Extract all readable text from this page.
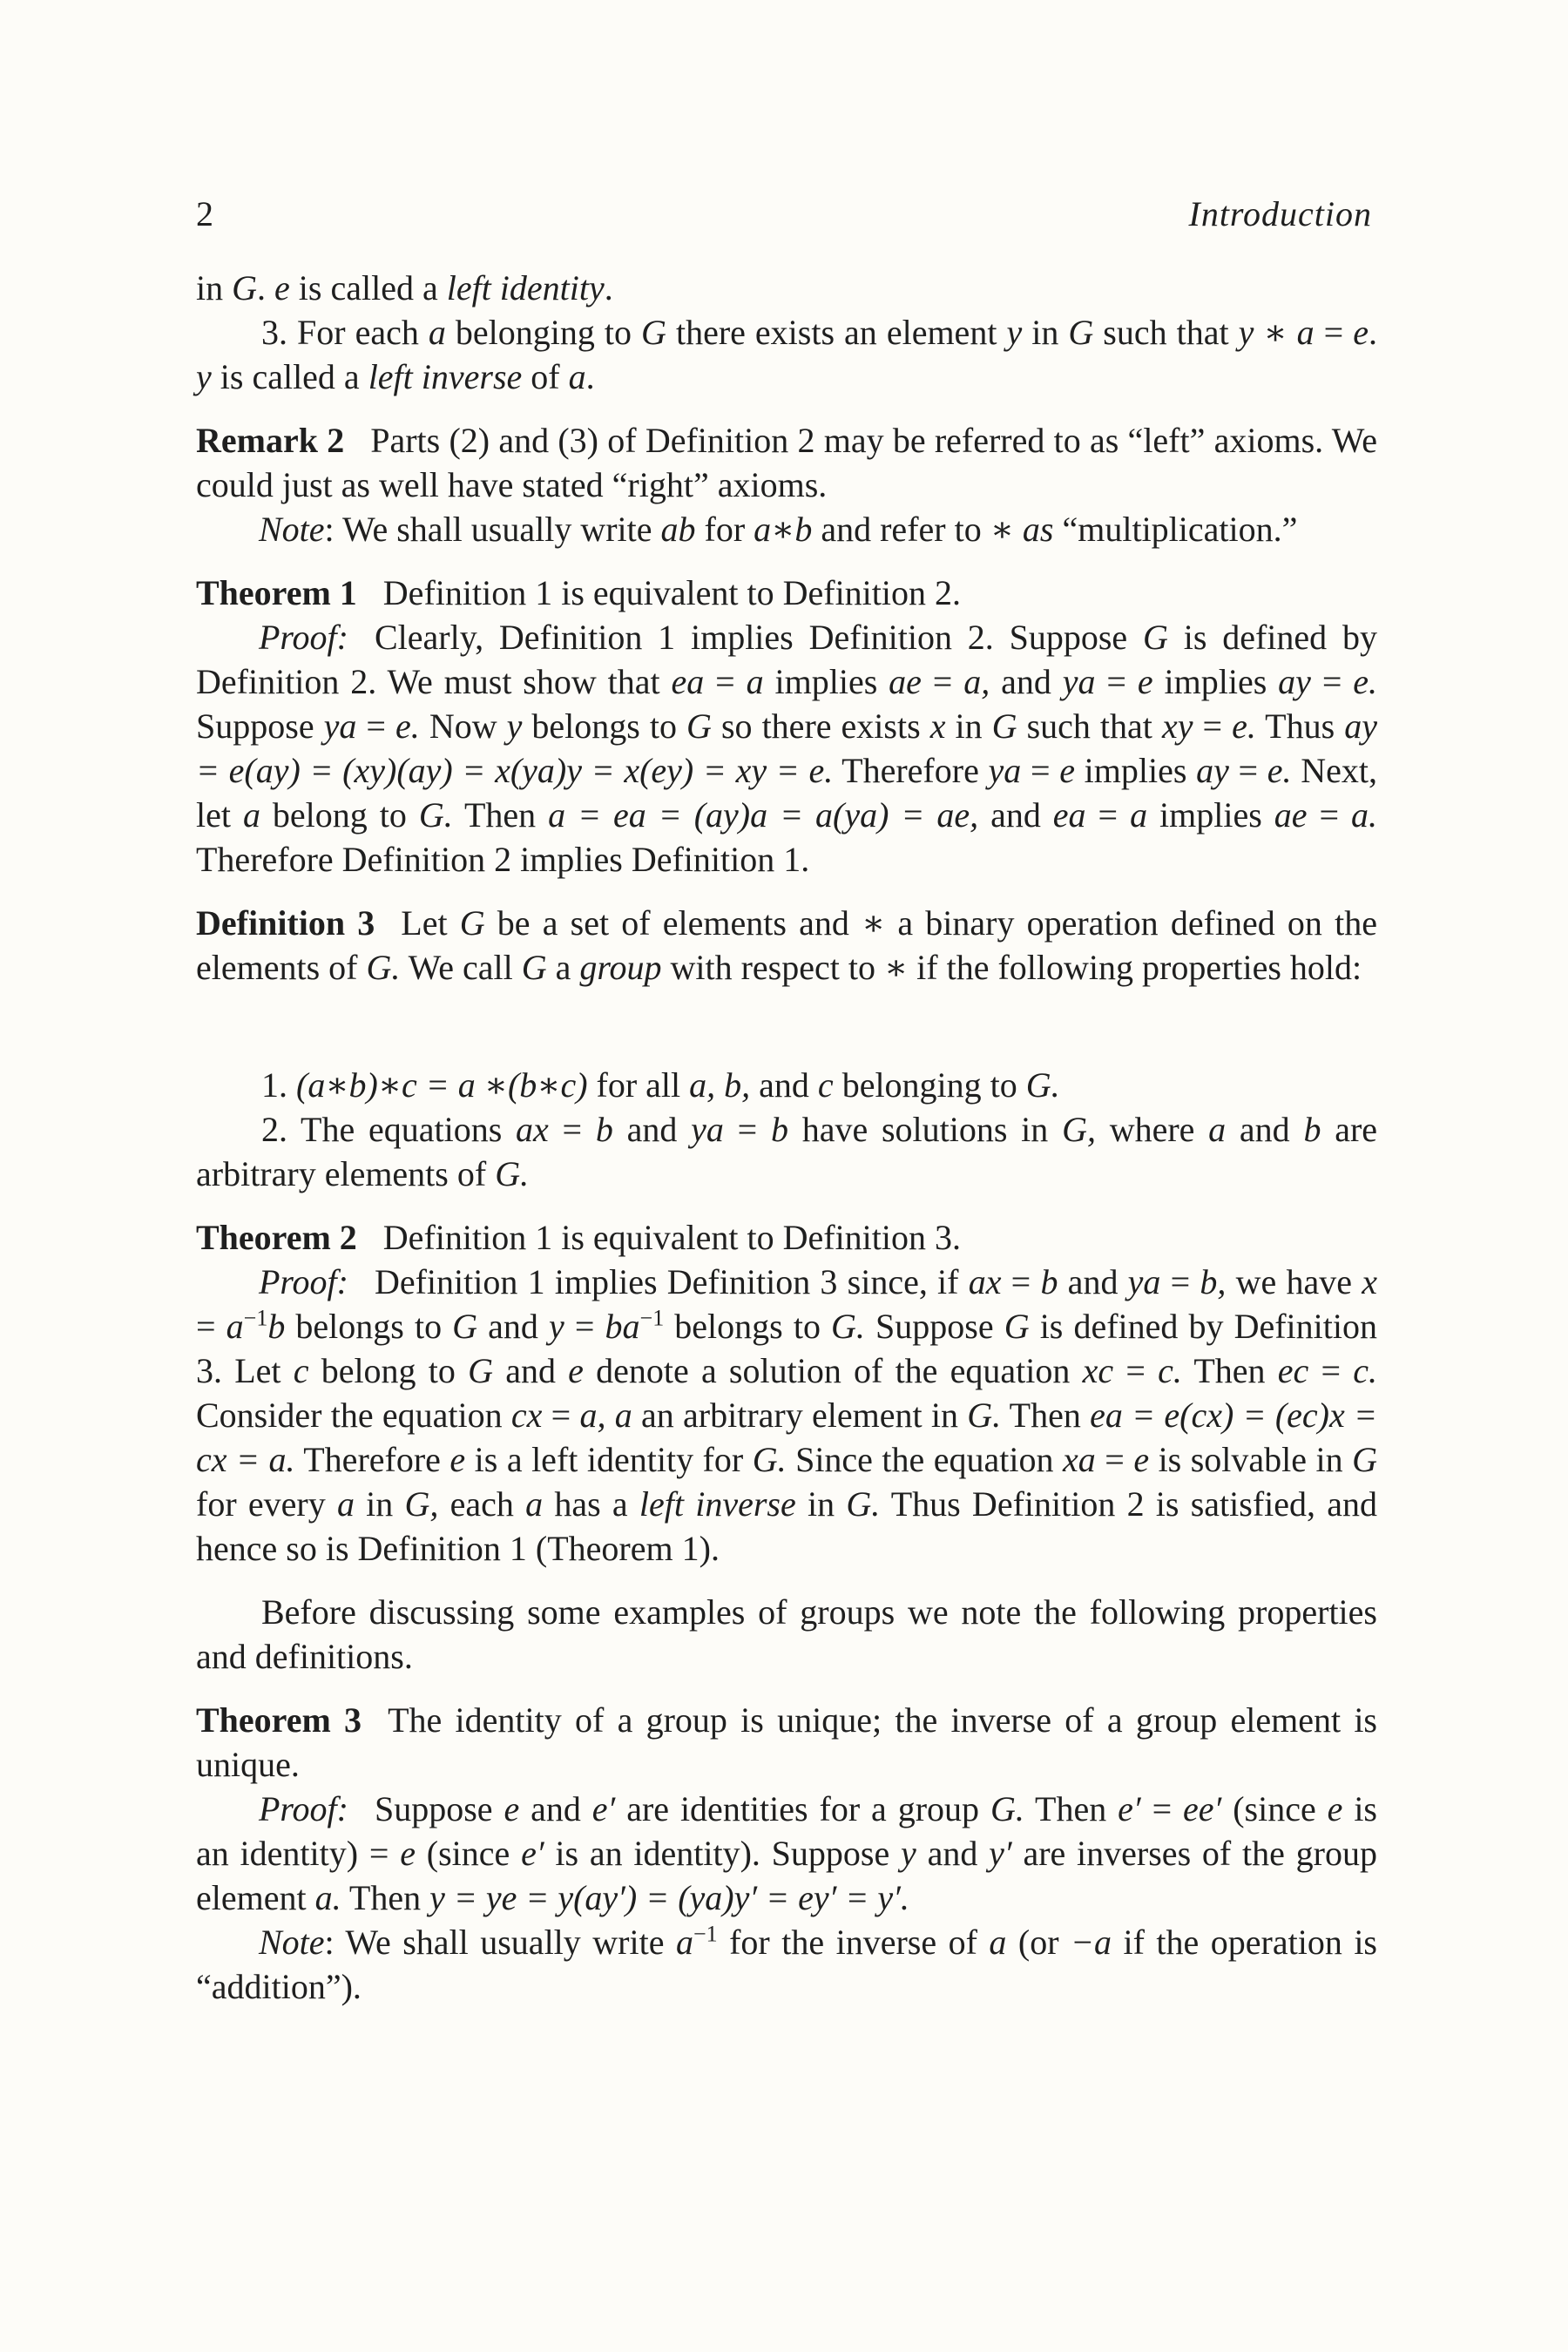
2	Introduction

in G. e is called a left identity.

3. For each a belonging to G there exists an element y in G such that y ∗ a = e. y is called a left inverse of a.

Remark 2 Parts (2) and (3) of Definition 2 may be referred to as “left” axioms. We could just as well have stated “right” axioms.

Note: We shall usually write ab for a∗b and refer to ∗ as “multiplication.”

Theorem 1 Definition 1 is equivalent to Definition 2.

Proof: Clearly, Definition 1 implies Definition 2. Suppose G is defined by Definition 2. We must show that ea = a implies ae = a, and ya = e implies ay = e. Suppose ya = e. Now y belongs to G so there exists x in G such that xy = e. Thus ay = e(ay) = (xy)(ay) = x(ya)y = x(ey) = xy = e. Therefore ya = e implies ay = e. Next, let a belong to G. Then a = ea = (ay)a = a(ya) = ae, and ea = a implies ae = a. Therefore Definition 2 implies Definition 1.

Definition 3 Let G be a set of elements and ∗ a binary operation defined on the elements of G. We call G a group with respect to ∗ if the following properties hold:

1. (a∗b)∗c = a ∗(b∗c) for all a, b, and c belonging to G.

2. The equations ax = b and ya = b have solutions in G, where a and b are arbitrary elements of G.

Theorem 2 Definition 1 is equivalent to Definition 3.

Proof: Definition 1 implies Definition 3 since, if ax = b and ya = b, we have $x = a^{-1}b$ belongs to G and $y = ba^{-1}$ belongs to G. Suppose G is defined by Definition 3. Let c belong to G and e denote a solution of the equation xc = c. Then ec = c. Consider the equation cx = a, a an arbitrary element in G. Then ea = e(cx) = (ec)x = cx = a. Therefore e is a left identity for G. Since the equation xa = e is solvable in G for every a in G, each a has a left inverse in G. Thus Definition 2 is satisfied, and hence so is Definition 1 (Theorem 1).

Before discussing some examples of groups we note the following properties and definitions.

Theorem 3 The identity of a group is unique; the inverse of a group element is unique.

Proof: Suppose e and e′ are identities for a group G. Then e′ = ee′ (since e is an identity) = e (since e′ is an identity). Suppose y and y′ are inverses of the group element a. Then y = ye = y(ay′) = (ya)y′ = ey′ = y′.

Note: We shall usually write $a^{-1}$ for the inverse of a (or −a if the operation is “addition”).
